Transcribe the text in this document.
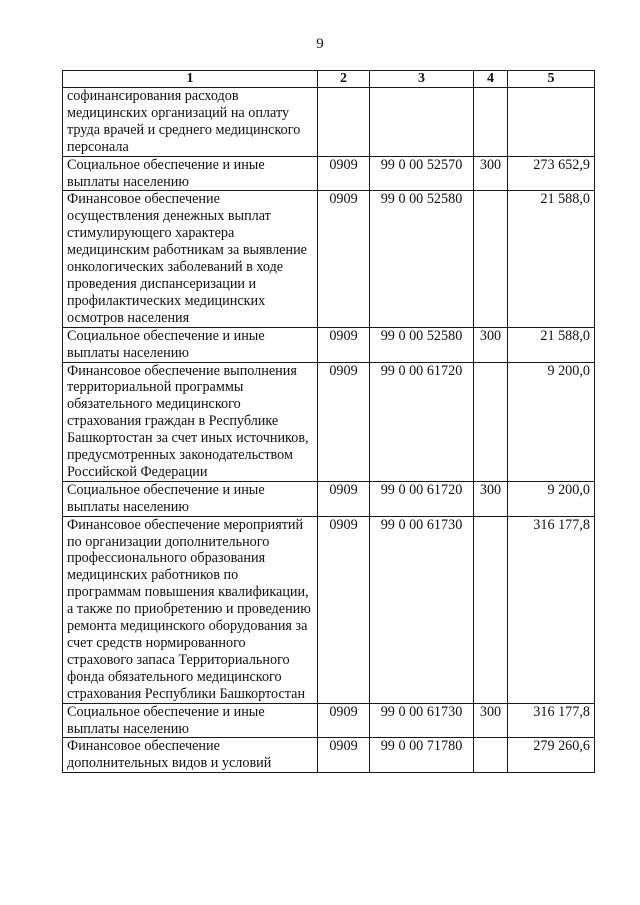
9
1	2	3	4	5
софинансирования расходов медицинских организаций на оплату труда врачей и среднего медицинского персонала				
Социальное обеспечение и иные выплаты населению	0909	99 0 00 52570	300	273 652,9
Финансовое обеспечение осуществления денежных выплат стимулирующего характера медицинским работникам за выявление онкологических заболеваний в ходе проведения диспансеризации и профилактических медицинских осмотров населения	0909	99 0 00 52580		21 588,0
Социальное обеспечение и иные выплаты населению	0909	99 0 00 52580	300	21 588,0
Финансовое обеспечение выполнения территориальной программы обязательного медицинского страхования граждан в Республике Башкортостан за счет иных источников, предусмотренных законодательством Российской Федерации	0909	99 0 00 61720		9 200,0
Социальное обеспечение и иные выплаты населению	0909	99 0 00 61720	300	9 200,0
Финансовое обеспечение мероприятий по организации дополнительного профессионального образования медицинских работников по программам повышения квалификации, а также по приобретению и проведению ремонта медицинского оборудования за счет средств нормированного страхового запаса Территориального фонда обязательного медицинского страхования Республики Башкортостан	0909	99 0 00 61730		316 177,8
Социальное обеспечение и иные выплаты населению	0909	99 0 00 61730	300	316 177,8
Финансовое обеспечение дополнительных видов и условий	0909	99 0 00 71780		279 260,6
